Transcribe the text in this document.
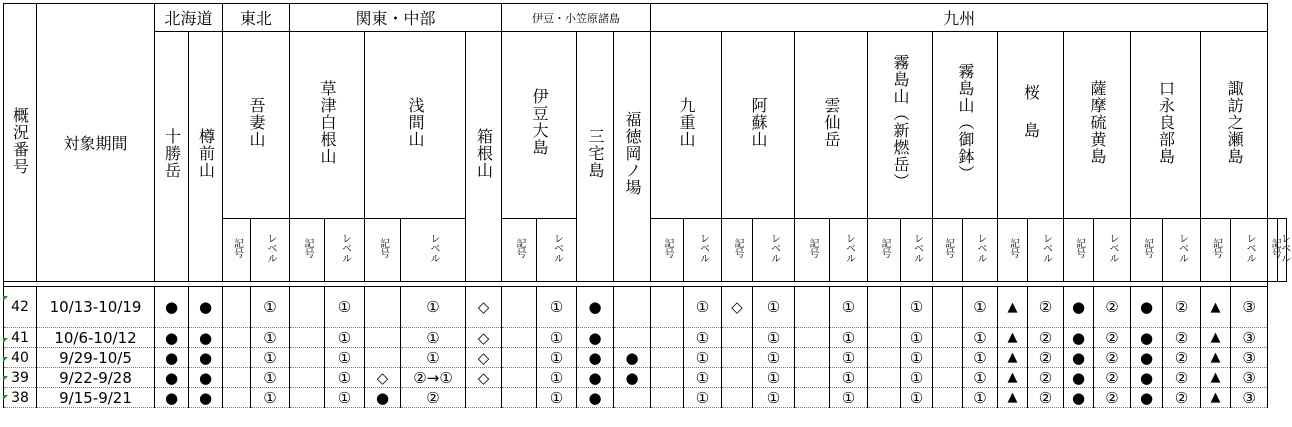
概況番号	対象期間	北海道		東北		関東・中部					伊豆・小笠原諸島				九州																			
		十勝岳	樽前山	吾妻山		草津白根山		浅間山		箱根山	伊豆大島		三宅島	福徳岡ノ場	九重山		阿蘇山		雲仙岳		霧島山（新燃岳）		霧島山（御鉢）		桜島		薩摩硫黄島		口永良部島		諏訪之瀬島			
				記号	レベル	記号	レベル	記号	レベル		記号	レベル			記号	レベル	記号	レベル	記号	レベル	記号	レベル	記号	レベル	記号	レベル	記号	レベル	記号	レベル	記号	レベル	記号	レベル

42	10/13-10/19	●	●		①		①		①	◇		①	●			①	◇	①		①		①		①	▲	②	●	②	●	②	▲	③		
41	10/6-10/12	●	●		①		①		①	◇		①	●			①		①		①		①		①	▲	②	●	②	●	②	▲	③		
40	9/29-10/5	●	●		①		①		①	◇		①	●	●		①		①		①		①		①	▲	②	●	②	●	②	▲	③		
39	9/22-9/28	●	●		①		①	◇	②→①	◇		①	●	●		①		①		①		①		①	▲	②	●	②	●	②	▲	③		
38	9/15-9/21	●	●		①		①	●	②			①	●			①		①		①		①		①	▲	②	●	②	●	②	▲	③		
